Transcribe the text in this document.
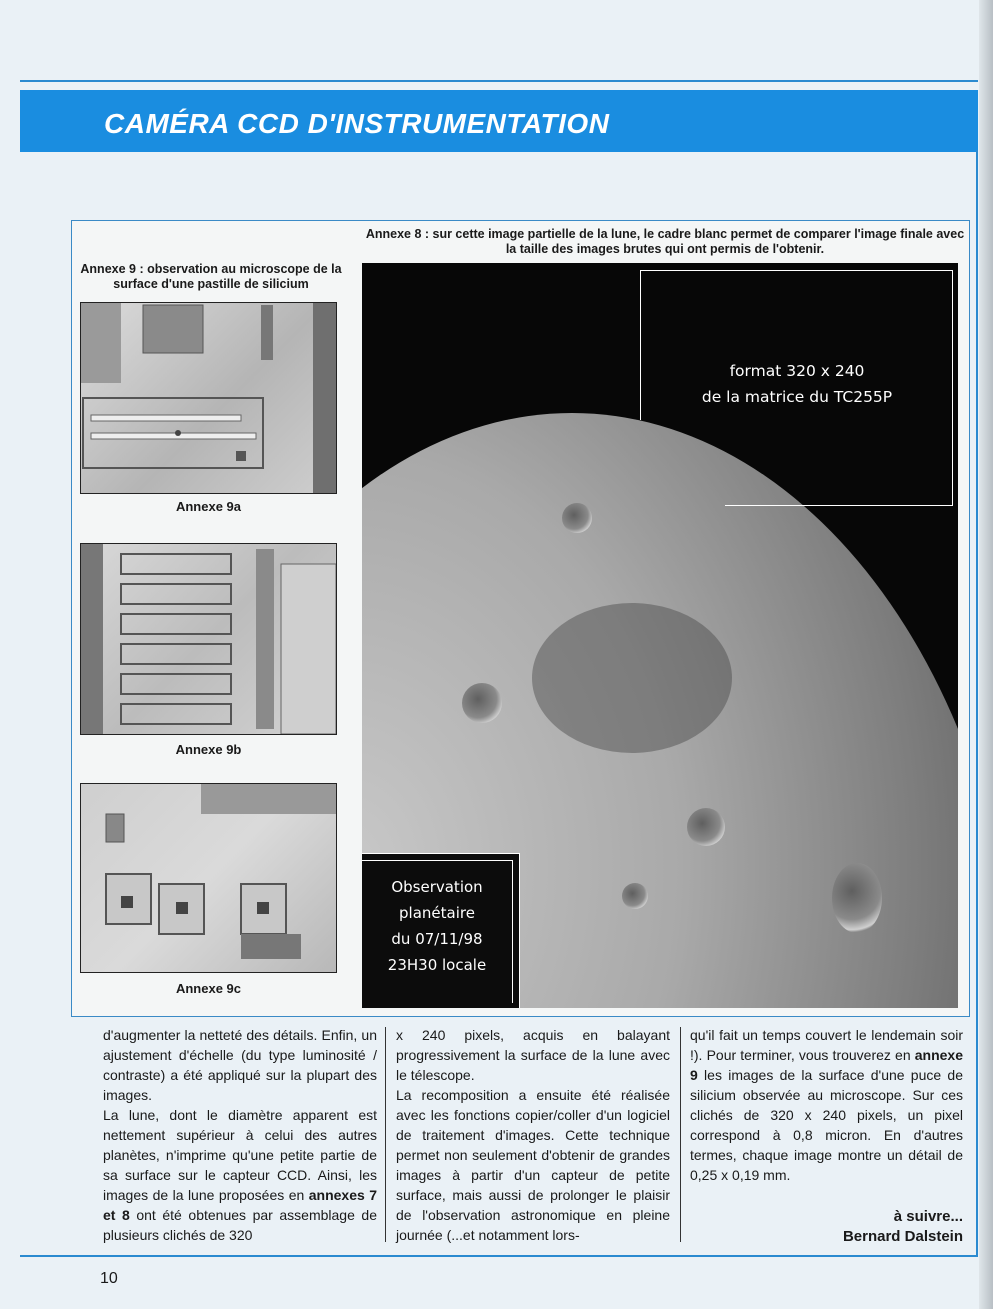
CAMÉRA CCD D'INSTRUMENTATION
Annexe 8 : sur cette image partielle de la lune, le cadre blanc permet de comparer l'image finale avec la taille des images brutes qui ont permis de l'obtenir.
Annexe 9 : observation au microscope de la surface d'une pastille de silicium
Annexe 9a
Annexe 9b
Annexe 9c
format 320 x 240
de la matrice du TC255P
Observation
planétaire
du 07/11/98
23H30 locale

d'augmenter la netteté des détails. Enfin, un ajustement d'échelle (du type luminosité / contraste) a été appliqué sur la plupart des images.

La lune, dont le diamètre apparent est nettement supérieur à celui des autres planètes, n'imprime qu'une petite partie de sa surface sur le capteur CCD. Ainsi, les images de la lune proposées en annexes 7 et 8 ont été obtenues par assemblage de plusieurs clichés de 320

x 240 pixels, acquis en balayant progressivement la surface de la lune avec le télescope.

La recomposition a ensuite été réalisée avec les fonctions copier/coller d'un logiciel de traitement d'images. Cette technique permet non seulement d'obtenir de grandes images à partir d'un capteur de petite surface, mais aussi de prolonger le plaisir de l'observation astronomique en pleine journée (...et notamment lors-

qu'il fait un temps couvert le lendemain soir !). Pour terminer, vous trouverez en annexe 9 les images de la surface d'une puce de silicium observée au microscope. Sur ces clichés de 320 x 240 pixels, un pixel correspond à 0,8 micron. En d'autres termes, chaque image montre un détail de 0,25 x 0,19 mm.

à suivre...
Bernard Dalstein
10
